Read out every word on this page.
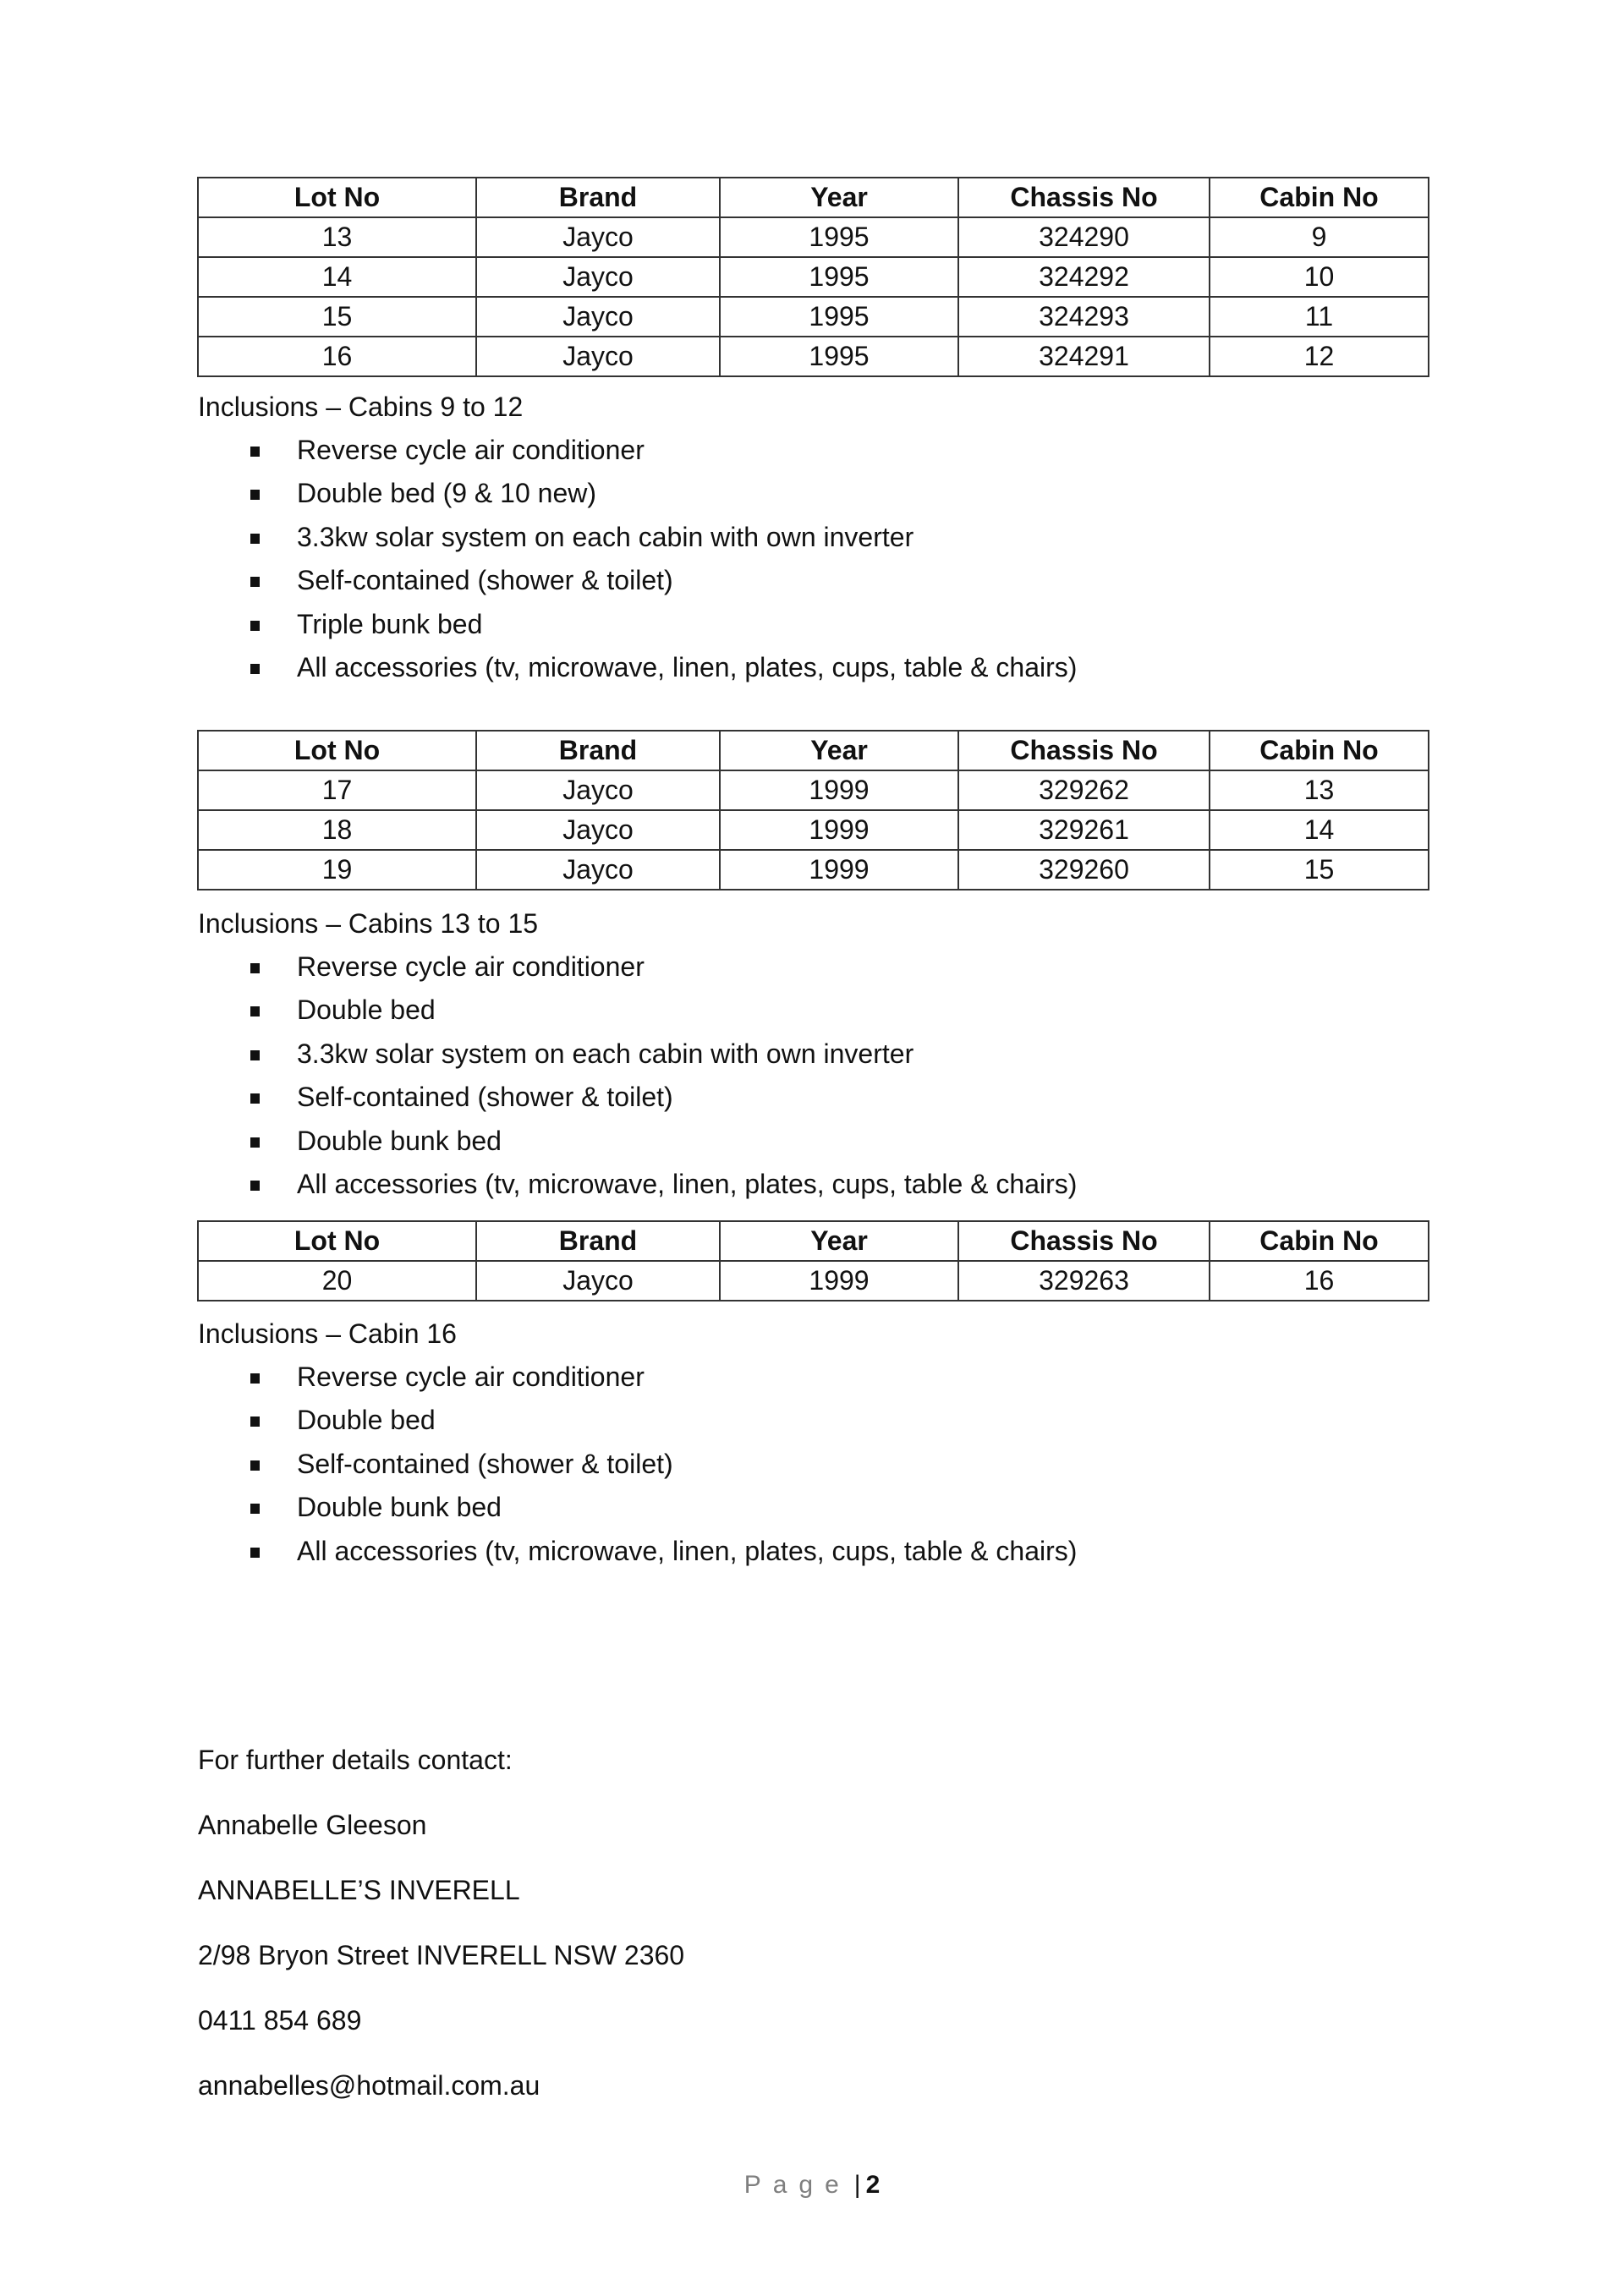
Lot No	Brand	Year	Chassis No	Cabin No
13	Jayco	1995	324290	9
14	Jayco	1995	324292	10
15	Jayco	1995	324293	11
16	Jayco	1995	324291	12

Inclusions – Cabins 9 to 12

Reverse cycle air conditioner
Double bed (9 & 10 new)
3.3kw solar system on each cabin with own inverter
Self-contained (shower & toilet)
Triple bunk bed
All accessories (tv, microwave, linen, plates, cups, table & chairs)
Lot No	Brand	Year	Chassis No	Cabin No
17	Jayco	1999	329262	13
18	Jayco	1999	329261	14
19	Jayco	1999	329260	15

Inclusions – Cabins 13 to 15

Reverse cycle air conditioner
Double bed
3.3kw solar system on each cabin with own inverter
Self-contained (shower & toilet)
Double bunk bed
All accessories (tv, microwave, linen, plates, cups, table & chairs)
Lot No	Brand	Year	Chassis No	Cabin No
20	Jayco	1999	329263	16

Inclusions – Cabin 16

Reverse cycle air conditioner
Double bed
Self-contained (shower & toilet)
Double bunk bed
All accessories (tv, microwave, linen, plates, cups, table & chairs)
For further details contact:
Annabelle Gleeson
ANNABELLE’S INVERELL
2/98 Bryon Street INVERELL NSW 2360
0411 854 689
annabelles@hotmail.com.au
Page | 2
